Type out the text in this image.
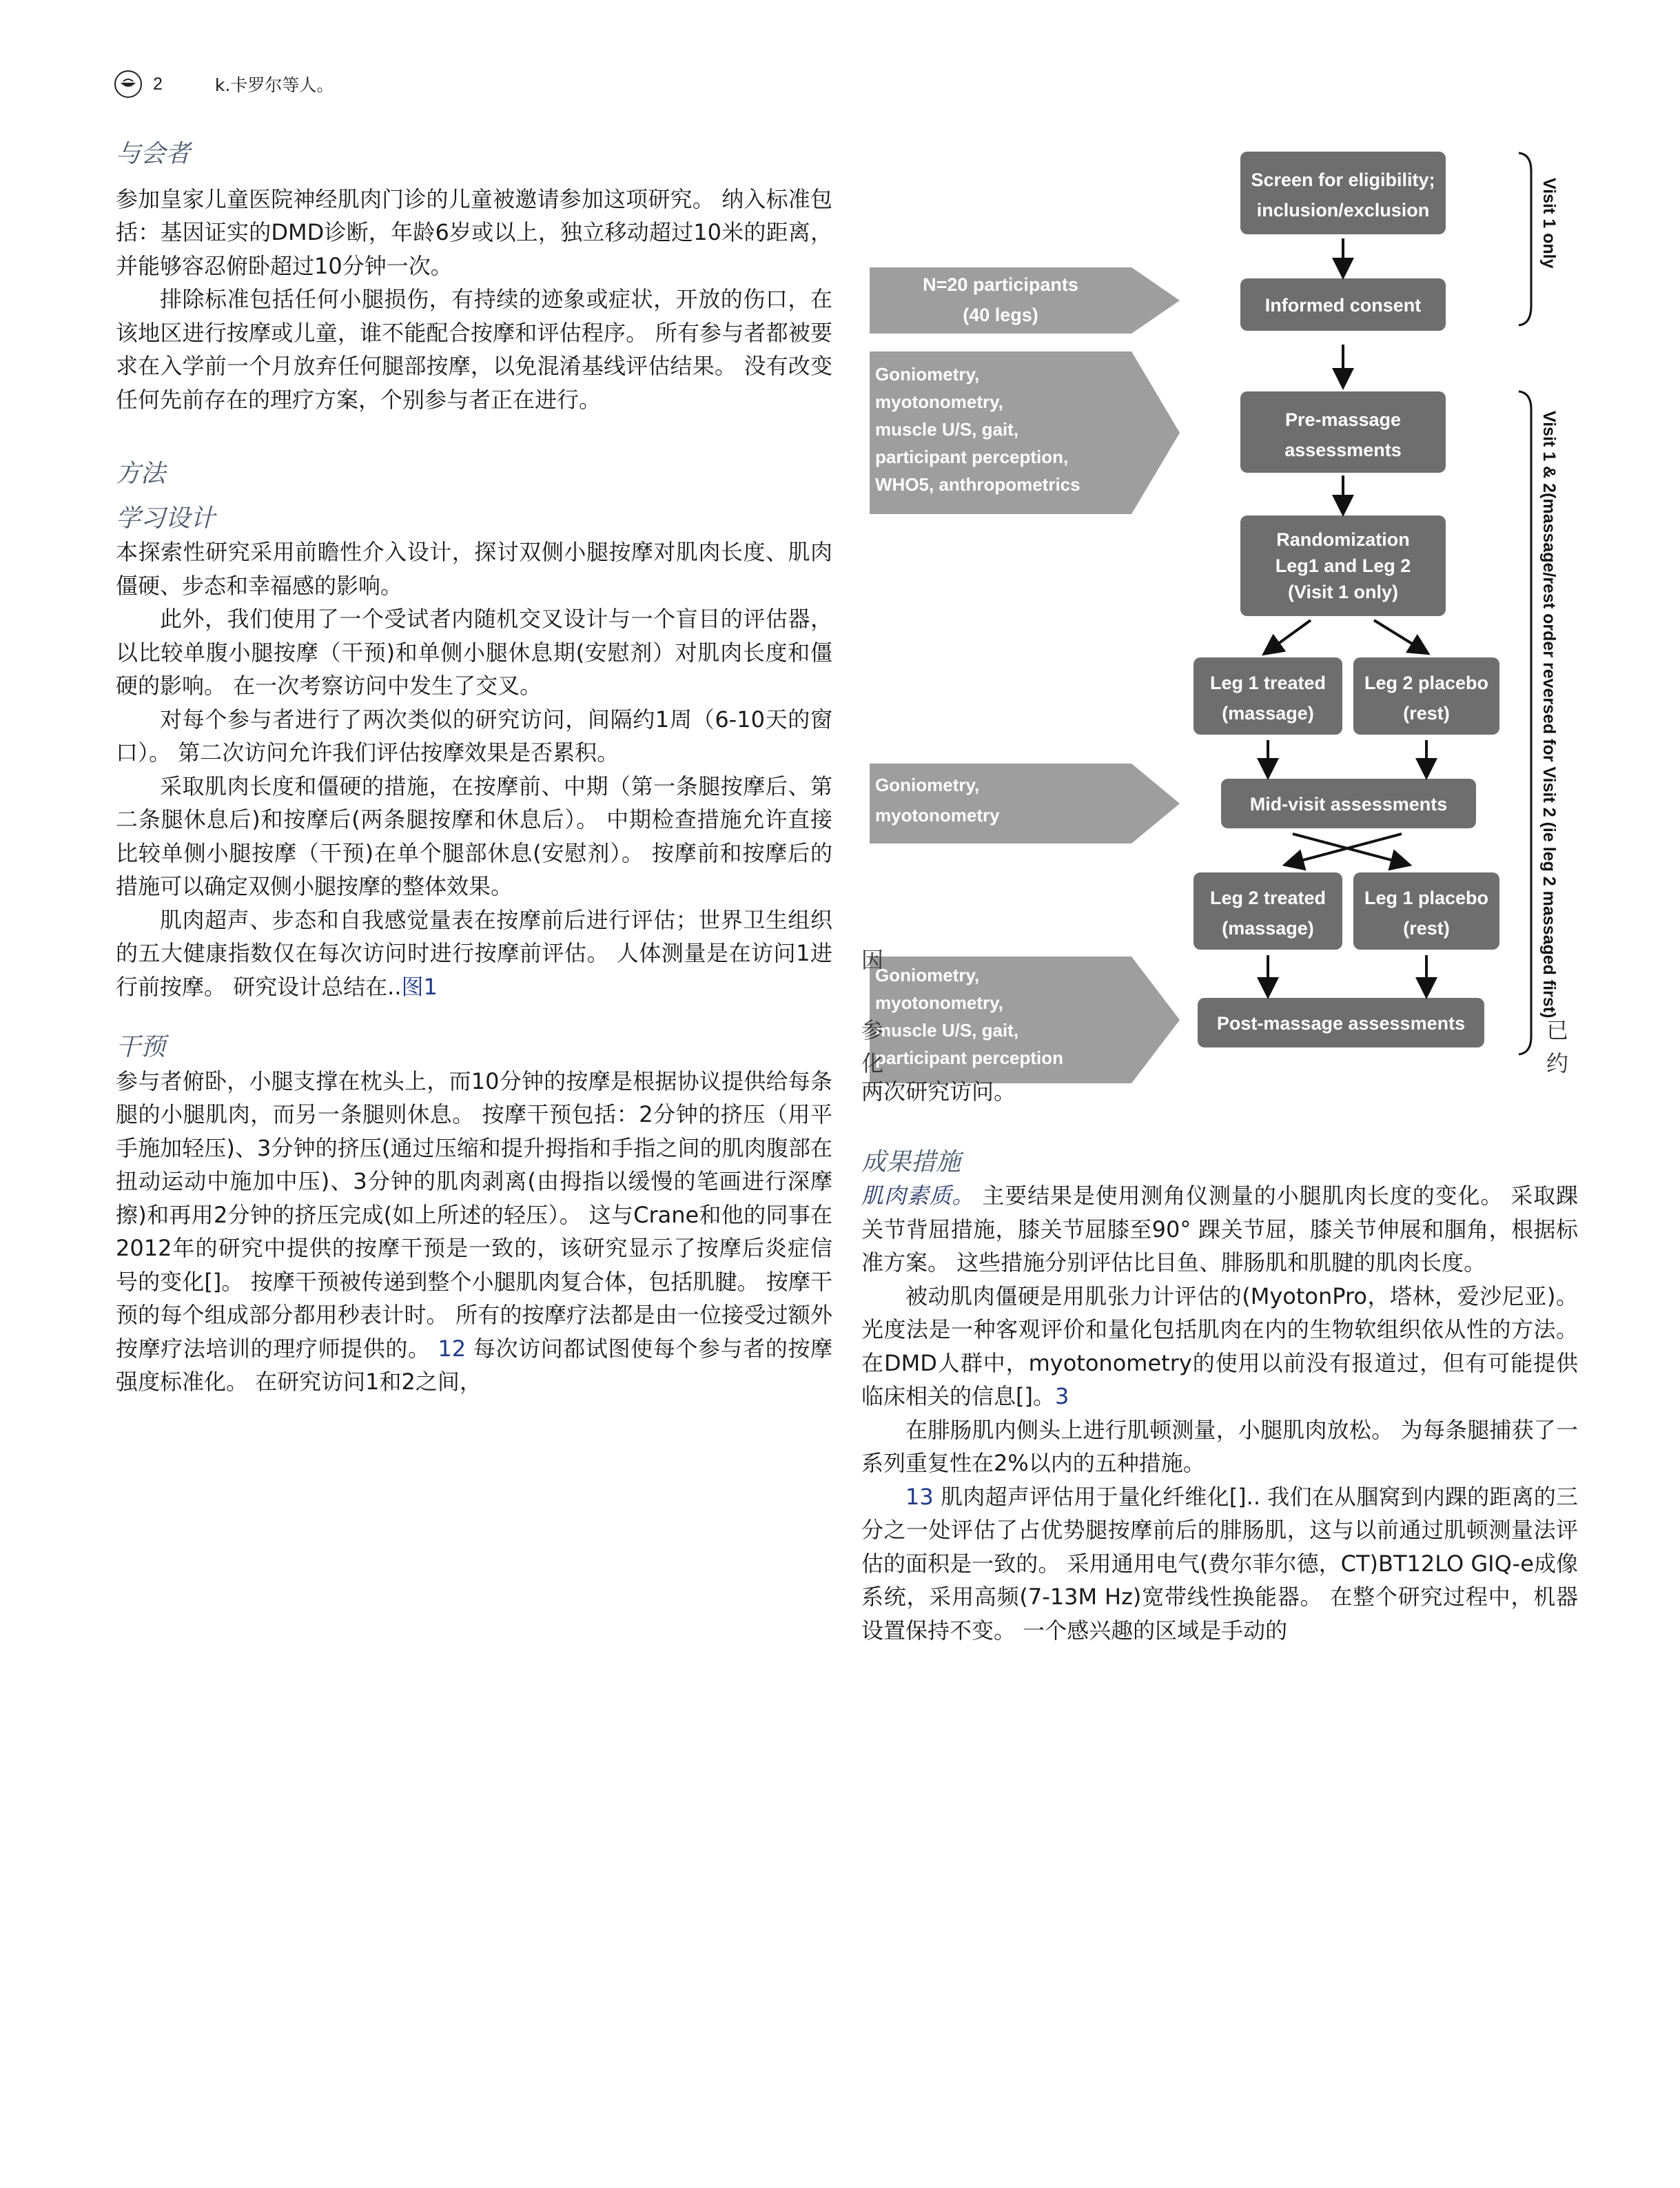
2	k.卡罗尔等人。

与会者

参加皇家儿童医院神经肌肉门诊的儿童被邀请参加这项研究。 纳入标准包括：基因证实的DMD诊断，年龄6岁或以上，独立移动超过10米的距离，并能够容忍俯卧超过10分钟一次。

排除标准包括任何小腿损伤，有持续的迹象或症状，开放的伤口，在该地区进行按摩或儿童，谁不能配合按摩和评估程序。 所有参与者都被要求在入学前一个月放弃任何腿部按摩，以免混淆基线评估结果。 没有改变任何先前存在的理疗方案，个别参与者正在进行。

方法

学习设计

本探索性研究采用前瞻性介入设计，探讨双侧小腿按摩对肌肉长度、肌肉僵硬、步态和幸福感的影响。

此外，我们使用了一个受试者内随机交叉设计与一个盲目的评估器，以比较单腹小腿按摩（干预)和单侧小腿休息期(安慰剂）对肌肉长度和僵硬的影响。 在一次考察访问中发生了交叉。

对每个参与者进行了两次类似的研究访问，间隔约1周（6-10天的窗口）。 第二次访问允许我们评估按摩效果是否累积。

采取肌肉长度和僵硬的措施，在按摩前、中期（第一条腿按摩后、第二条腿休息后)和按摩后(两条腿按摩和休息后）。 中期检查措施允许直接比较单侧小腿按摩（干预)在单个腿部休息(安慰剂）。 按摩前和按摩后的措施可以确定双侧小腿按摩的整体效果。

肌肉超声、步态和自我感觉量表在按摩前后进行评估；世界卫生组织的五大健康指数仅在每次访问时进行按摩前评估。 人体测量是在访问1进行前按摩。 研究设计总结在..图1

干预

参与者俯卧，小腿支撑在枕头上，而10分钟的按摩是根据协议提供给每条腿的小腿肌肉，而另一条腿则休息。 按摩干预包括：2分钟的挤压（用平手施加轻压)、3分钟的挤压(通过压缩和提升拇指和手指之间的肌肉腹部在扭动运动中施加中压)、3分钟的肌肉剥离(由拇指以缓慢的笔画进行深摩擦)和再用2分钟的挤压完成(如上所述的轻压）。 这与Crane和他的同事在2012年的研究中提供的按摩干预是一致的，该研究显示了按摩后炎症信号的变化[]。 按摩干预被传递到整个小腿肌肉复合体，包括肌腱。 按摩干预的每个组成部分都用秒表计时。 所有的按摩疗法都是由一位接受过额外按摩疗法培训的理疗师提供的。 12 每次访问都试图使每个参与者的按摩强度标准化。 在研究访问1和2之间，

N=20 participants
(40 legs)
Goniometry,
myotonometry,
muscle U/S, gait,
participant perception,
WHO5, anthropometrics
Goniometry,
myotonometry
Goniometry,
myotonometry,
muscle U/S, gait,
participant perception
Screen for eligibility;
inclusion/exclusion
Informed consent
Pre-massage
assessments
Randomization
Leg1 and Leg 2
(Visit 1 only)
Leg 1 treated
(massage)
Leg 2 placebo
(rest)
Mid-visit assessments
Leg 2 treated
(massage)
Leg 1 placebo
(rest)
Post-massage assessments
Visit 1 only
Visit 1 & 2(massage/rest order reversed for Visit 2 (ie leg 2 massaged first)
因
参
化
已
约

两次研究访问。

成果措施

肌肉素质。 主要结果是使用测角仪测量的小腿肌肉长度的变化。 采取踝关节背屈措施，膝关节屈膝至90° 踝关节屈，膝关节伸展和腘角，根据标准方案。 这些措施分别评估比目鱼、腓肠肌和肌腱的肌肉长度。

被动肌肉僵硬是用肌张力计评估的(MyotonPro，塔林，爱沙尼亚)。 光度法是一种客观评价和量化包括肌肉在内的生物软组织依从性的方法。 在DMD人群中，myotonometry的使用以前没有报道过，但有可能提供临床相关的信息[]。3

在腓肠肌内侧头上进行肌顿测量，小腿肌肉放松。 为每条腿捕获了一系列重复性在2%以内的五种措施。

13 肌肉超声评估用于量化纤维化[].. 我们在从腘窝到内踝的距离的三分之一处评估了占优势腿按摩前后的腓肠肌，这与以前通过肌顿测量法评估的面积是一致的。 采用通用电气(费尔菲尔德，CT)BT12LO GIQ-e成像系统，采用高频(7-13M Hz)宽带线性换能器。 在整个研究过程中，机器设置保持不变。 一个感兴趣的区域是手动的
